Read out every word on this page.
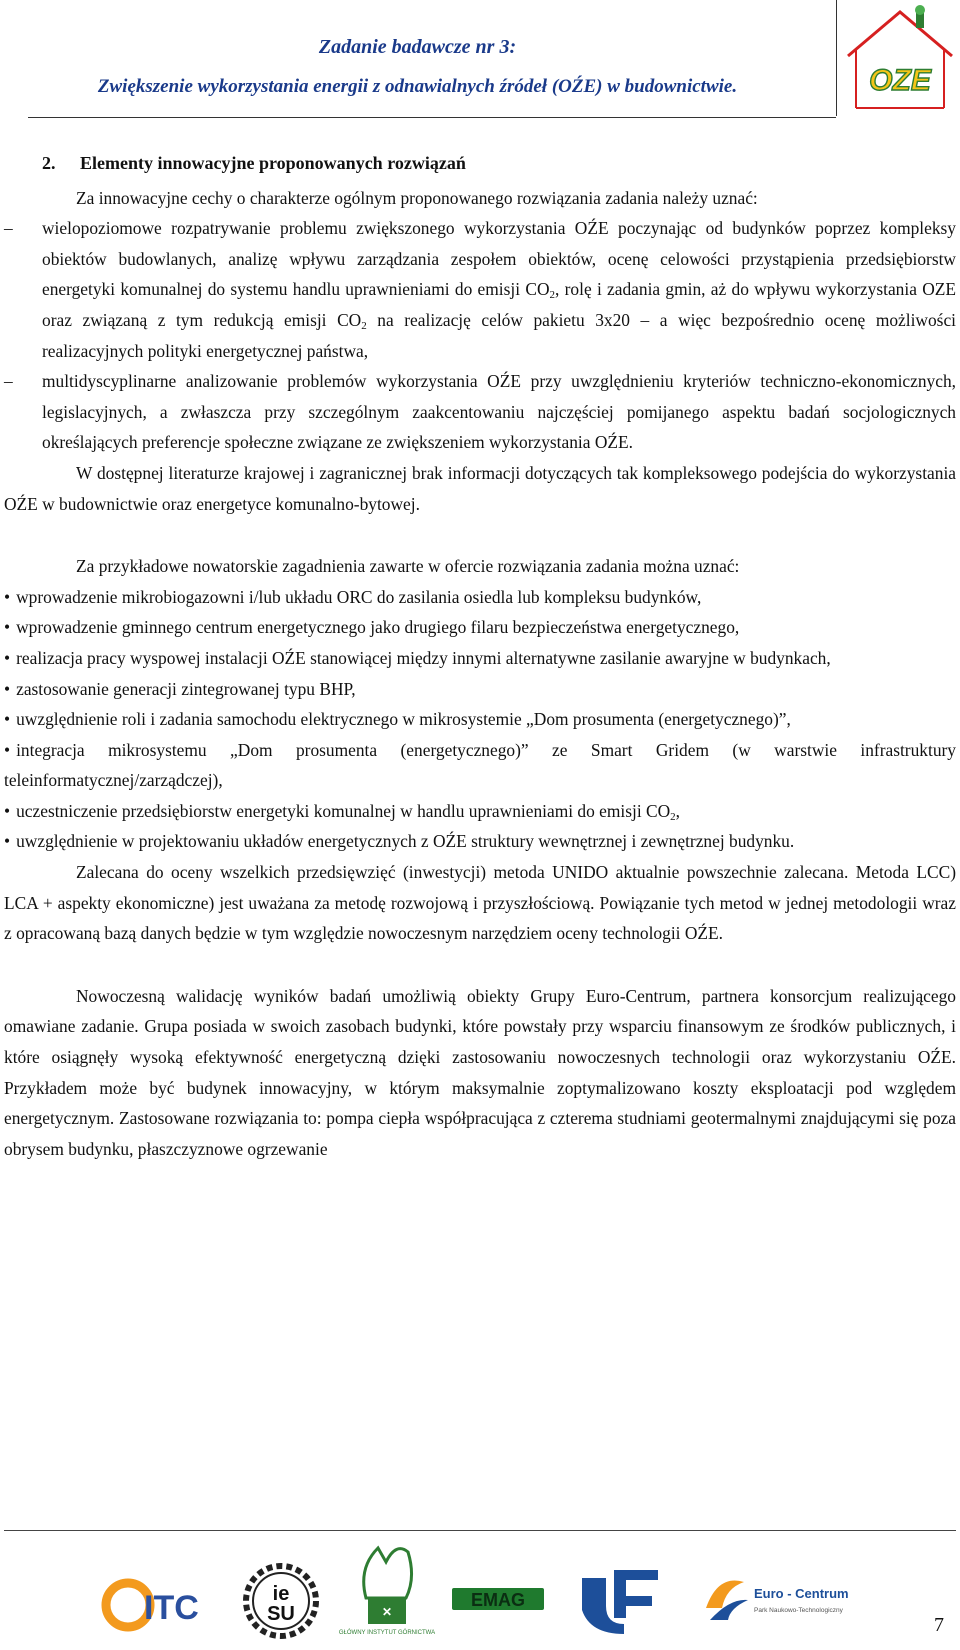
Zadanie badawcze nr 3:
Zwiększenie wykorzystania energii z odnawialnych źródeł (OŹE) w budownictwie.	OZE

2. Elementy innowacyjne proponowanych rozwiązań

Za innowacyjne cechy o charakterze ogólnym proponowanego rozwiązania zadania należy uznać:

– wielopoziomowe rozpatrywanie problemu zwiększonego wykorzystania OŹE poczynając od budynków poprzez kompleksy obiektów budowlanych, analizę wpływu zarządzania zespołem obiektów, ocenę celowości przystąpienia przedsiębiorstw energetyki komunalnej do systemu handlu uprawnieniami do emisji $CO_2$, rolę i zadania gmin, aż do wpływu wykorzystania OZE oraz związaną z tym redukcją emisji $CO_2$ na realizację celów pakietu 3x20 – a więc bezpośrednio ocenę możliwości realizacyjnych polityki energetycznej państwa,

– multidyscyplinarne analizowanie problemów wykorzystania OŹE przy uwzględnieniu kryteriów techniczno-ekonomicznych, legislacyjnych, a zwłaszcza przy szczególnym zaakcentowaniu najczęściej pomijanego aspektu badań socjologicznych określających preferencje społeczne związane ze zwiększeniem wykorzystania OŹE.

W dostępnej literaturze krajowej i zagranicznej brak informacji dotyczących tak kompleksowego podejścia do wykorzystania OŹE w budownictwie oraz energetyce komunalno-bytowej.

Za przykładowe nowatorskie zagadnienia zawarte w ofercie rozwiązania zadania można uznać:

• wprowadzenie mikrobiogazowni i/lub układu ORC do zasilania osiedla lub kompleksu budynków,

• wprowadzenie gminnego centrum energetycznego jako drugiego filaru bezpieczeństwa energetycznego,

• realizacja pracy wyspowej instalacji OŹE stanowiącej między innymi alternatywne zasilanie awaryjne w budynkach,

• zastosowanie generacji zintegrowanej typu BHP,

• uwzględnienie roli i zadania samochodu elektrycznego w mikrosystemie „Dom prosumenta (energetycznego)”,

• integracja mikrosystemu „Dom prosumenta (energetycznego)” ze Smart Gridem (w warstwie infrastruktury teleinformatycznej/zarządczej),

• uczestniczenie przedsiębiorstw energetyki komunalnej w handlu uprawnieniami do emisji $CO_2$,

• uwzględnienie w projektowaniu układów energetycznych z OŹE struktury wewnętrznej i zewnętrznej budynku.

Zalecana do oceny wszelkich przedsięwzięć (inwestycji) metoda UNIDO aktualnie powszechnie zalecana. Metoda LCC) LCA + aspekty ekonomiczne) jest uważana za metodę rozwojową i przyszłościową. Powiązanie tych metod w jednej metodologii wraz z opracowaną bazą danych będzie w tym względzie nowoczesnym narzędziem oceny technologii OŹE.

Nowoczesną walidację wyników badań umożliwią obiekty Grupy Euro-Centrum, partnera konsorcjum realizującego omawiane zadanie. Grupa posiada w swoich zasobach budynki, które powstały przy wsparciu finansowym ze środków publicznych, i które osiągnęły wysoką efektywność energetyczną dzięki zastosowaniu nowoczesnych technologii oraz wykorzystaniu OŹE. Przykładem może być budynek innowacyjny, w którym maksymalnie zoptymalizowano koszty eksploatacji pod względem energetycznym. Zastosowane rozwiązania to: pompa ciepła współpracująca z czterema studniami geotermalnymi znajdującymi się poza obrysem budynku, płaszczyznowe ogrzewanie

ITC	ie
SU	✕
GŁÓWNY INSTYTUT GÓRNICTWA
EMAG	Euro - Centrum
Park Naukowo-Technologiczny
7
